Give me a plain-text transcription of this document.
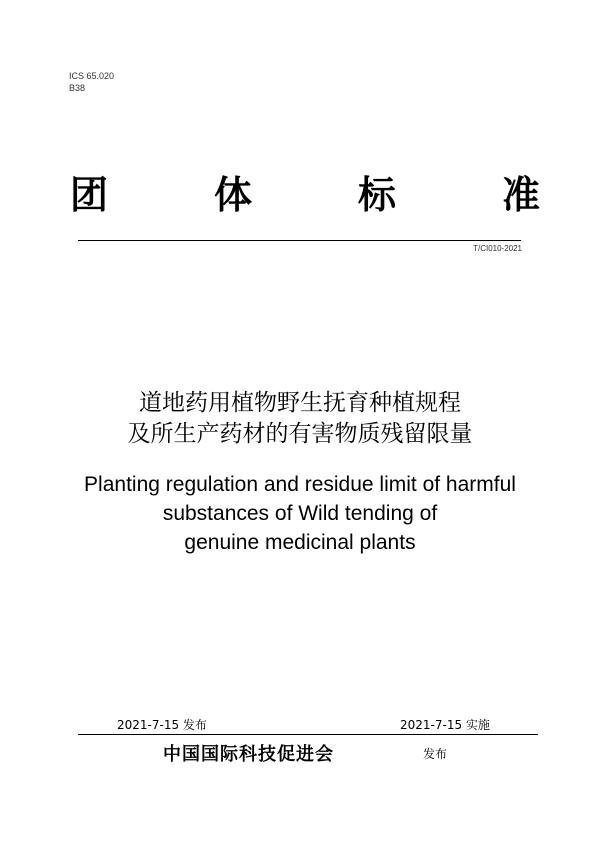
ICS 65.020
B38
团	体	标	准
T/CI010-2021
道地药用植物野生抚育种植规程
及所生产药材的有害物质残留限量
Planting regulation and residue limit of harmful
substances of Wild tending of
genuine medicinal plants
2021-7-15 发布	2021-7-15 实施
中国国际科技促进会	发布
